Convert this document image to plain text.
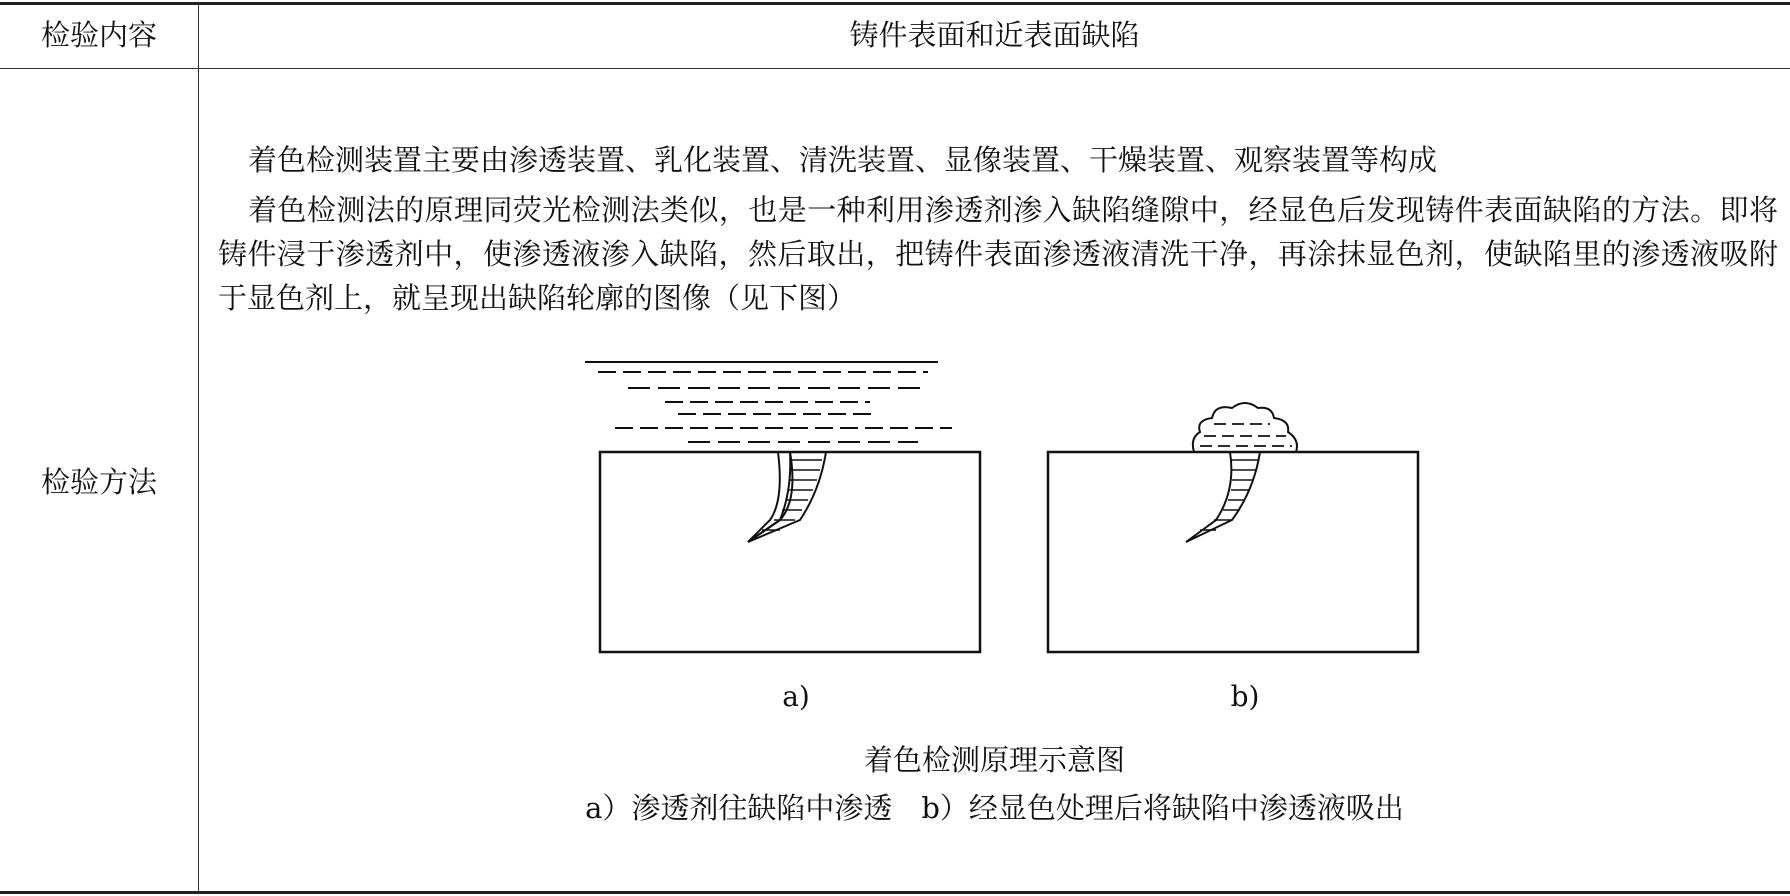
检验内容	铸件表面和近表面缺陷
检验方法
着色检测装置主要由渗透装置、乳化装置、清洗装置、显像装置、干燥装置、观察装置等构成
着色检测法的原理同荧光检测法类似，也是一种利用渗透剂渗入缺陷缝隙中，经显色后发现铸件表面缺陷的方法。即将铸件浸于渗透剂中，使渗透液渗入缺陷，然后取出，把铸件表面渗透液清洗干净，再涂抹显色剂，使缺陷里的渗透液吸附于显色剂上，就呈现出缺陷轮廓的图像（见下图）
a)	b)
着色检测原理示意图
a）渗透剂往缺陷中渗透　b）经显色处理后将缺陷中渗透液吸出
